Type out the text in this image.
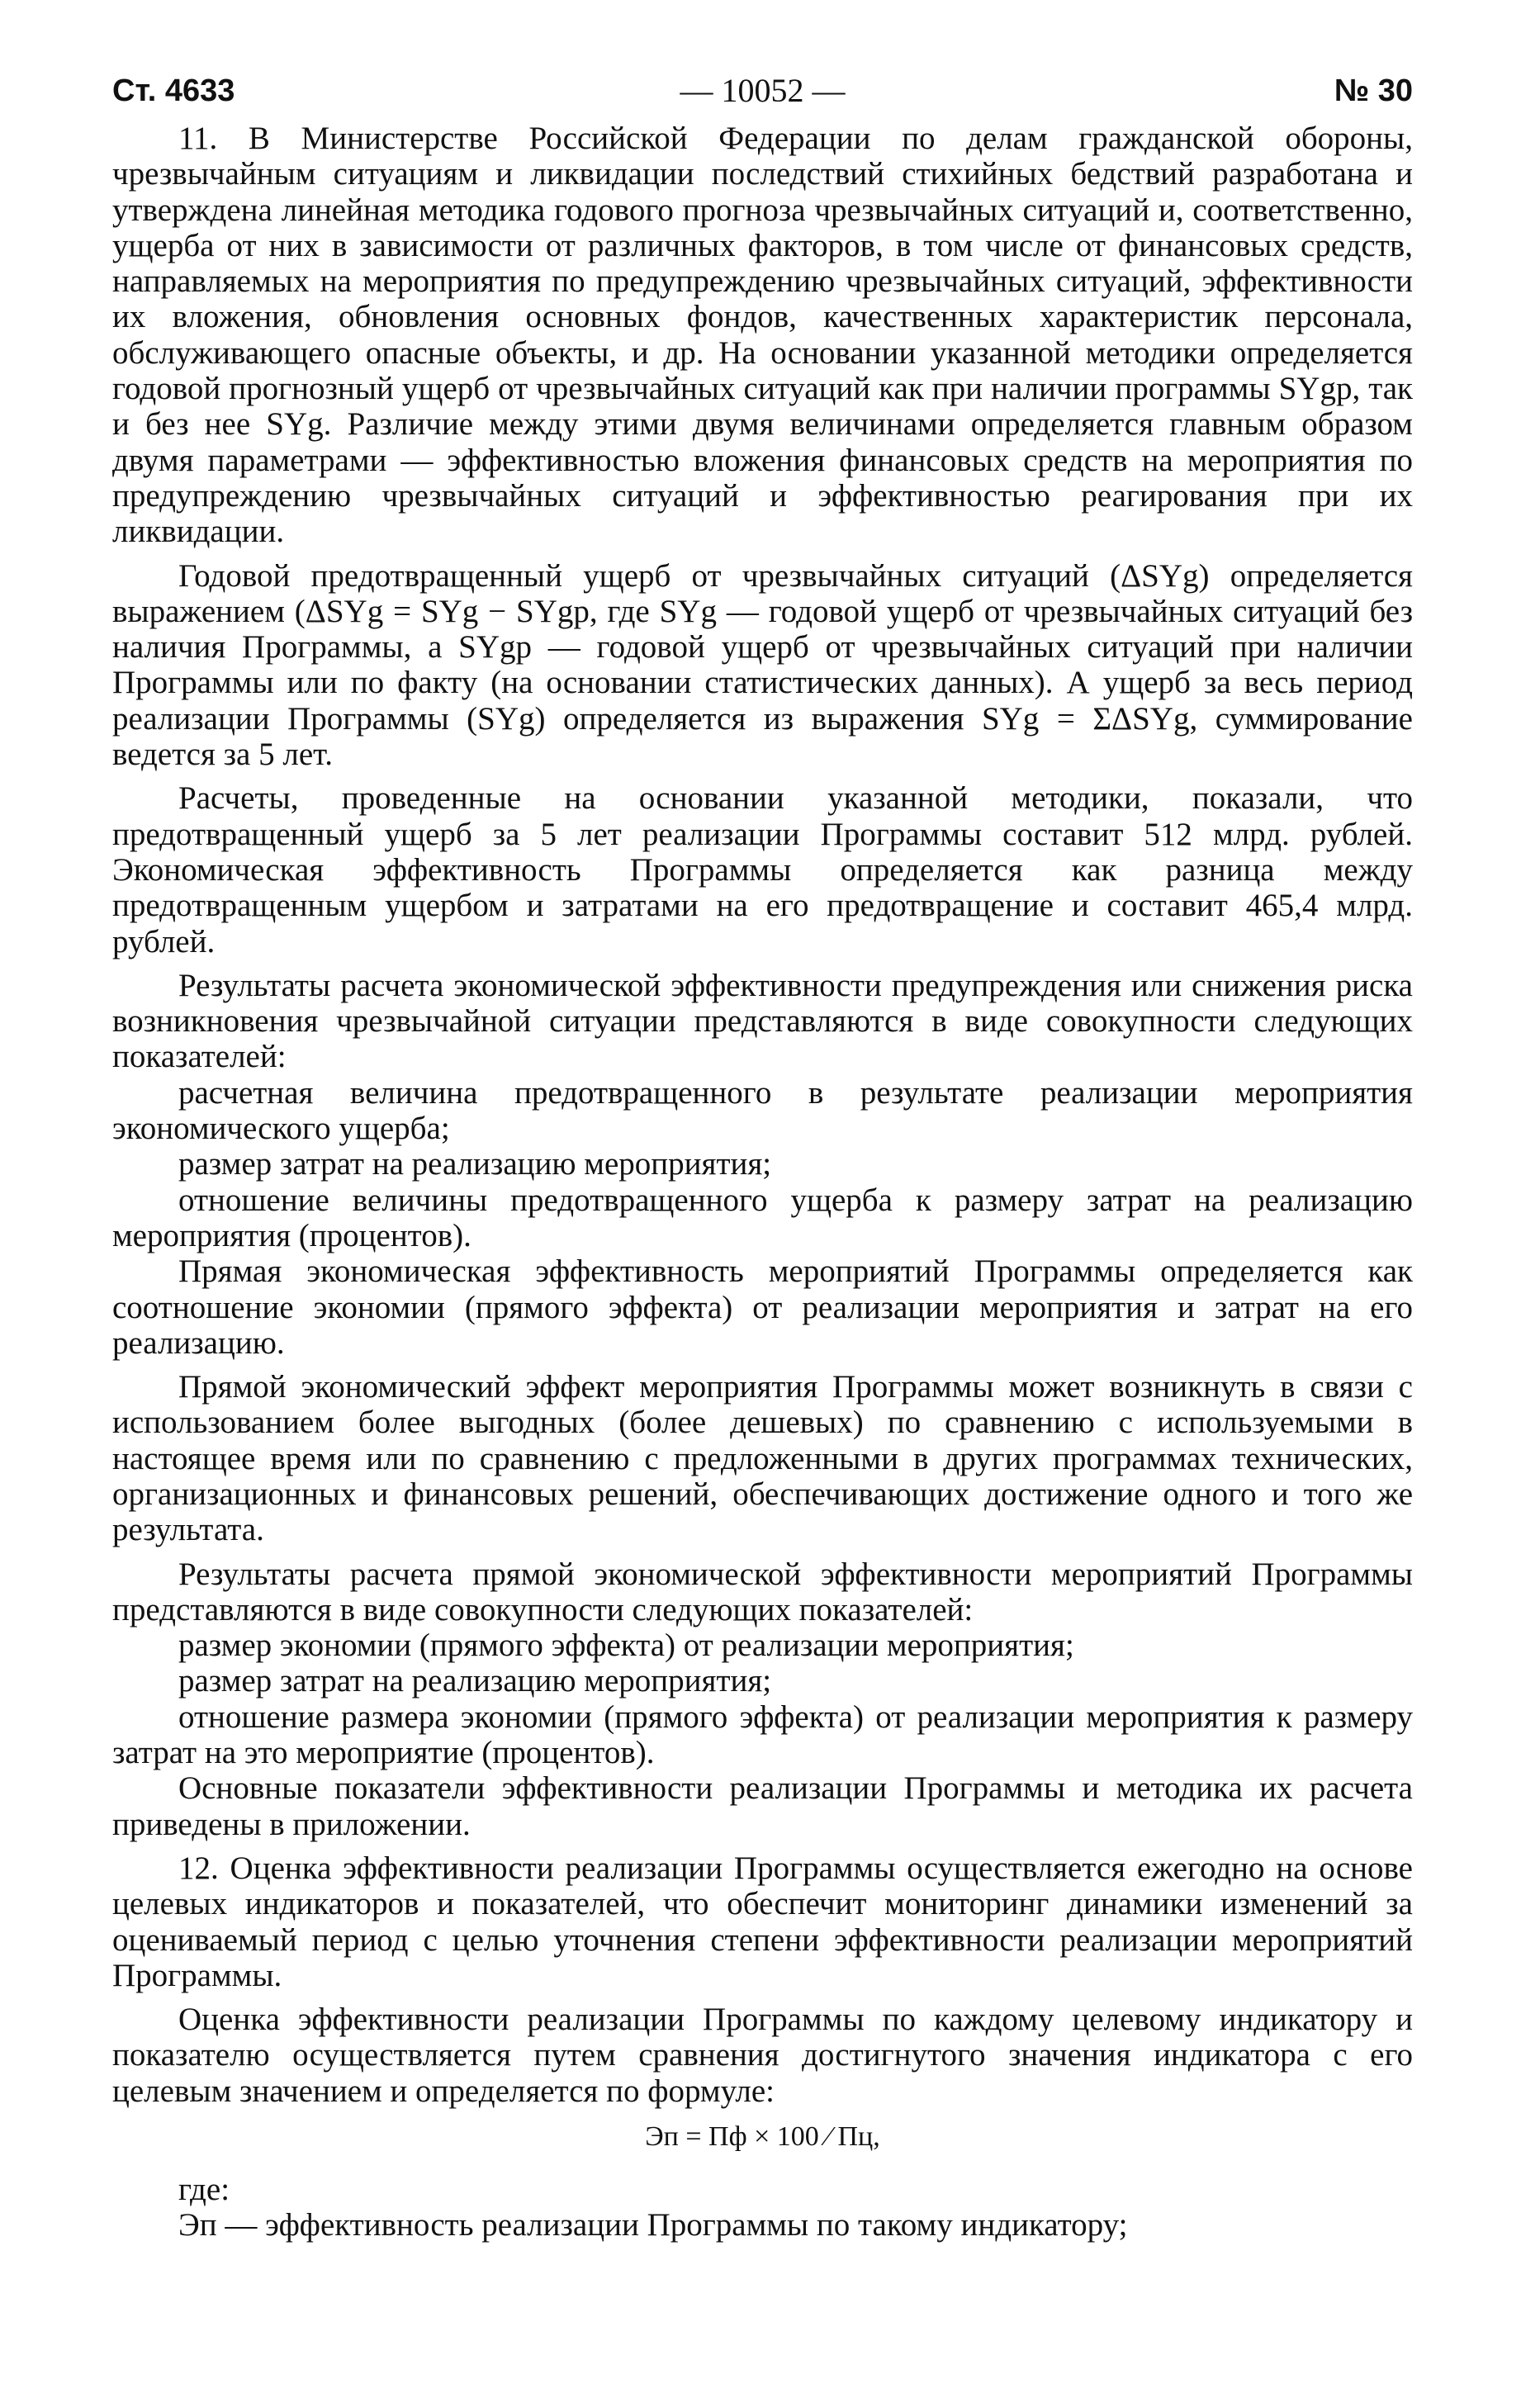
Ст. 4633	— 10052 —	№ 30

11. В Министерстве Российской Федерации по делам гражданской обороны, чрезвычайным ситуациям и ликвидации последствий стихийных бедствий разработана и утверждена линейная методика годового прогноза чрезвычайных ситуаций и, соответственно, ущерба от них в зависимости от различных факторов, в том числе от финансовых средств, направляемых на мероприятия по предупреждению чрезвычайных ситуаций, эффективности их вложения, обновления основных фондов, качественных характеристик персонала, обслуживающего опасные объекты, и др. На основании указанной методики определяется годовой прогнозный ущерб от чрезвычайных ситуаций как при наличии программы SYgp, так и без нее SYg. Различие между этими двумя величинами определяется главным образом двумя параметрами — эффективностью вложения финансовых средств на мероприятия по предупреждению чрезвычайных ситуаций и эффективностью реагирования при их ликвидации.

Годовой предотвращенный ущерб от чрезвычайных ситуаций (ΔSYg) определяется выражением (ΔSYg = SYg − SYgp, где SYg — годовой ущерб от чрезвычайных ситуаций без наличия Программы, а SYgp — годовой ущерб от чрезвычайных ситуаций при наличии Программы или по факту (на основании статистических данных). А ущерб за весь период реализации Программы (SYg) определяется из выражения SYg = ΣΔSYg, суммирование ведется за 5 лет.

Расчеты, проведенные на основании указанной методики, показали, что предотвращенный ущерб за 5 лет реализации Программы составит 512 млрд. рублей. Экономическая эффективность Программы определяется как разница между предотвращенным ущербом и затратами на его предотвращение и составит 465,4 млрд. рублей.

Результаты расчета экономической эффективности предупреждения или снижения риска возникновения чрезвычайной ситуации представляются в виде совокупности следующих показателей:

расчетная величина предотвращенного в результате реализации мероприятия экономического ущерба;

размер затрат на реализацию мероприятия;

отношение величины предотвращенного ущерба к размеру затрат на реализацию мероприятия (процентов).

Прямая экономическая эффективность мероприятий Программы определяется как соотношение экономии (прямого эффекта) от реализации мероприятия и затрат на его реализацию.

Прямой экономический эффект мероприятия Программы может возникнуть в связи с использованием более выгодных (более дешевых) по сравнению с используемыми в настоящее время или по сравнению с предложенными в других программах технических, организационных и финансовых решений, обеспечивающих достижение одного и того же результата.

Результаты расчета прямой экономической эффективности мероприятий Программы представляются в виде совокупности следующих показателей:

размер экономии (прямого эффекта) от реализации мероприятия;

размер затрат на реализацию мероприятия;

отношение размера экономии (прямого эффекта) от реализации мероприятия к размеру затрат на это мероприятие (процентов).

Основные показатели эффективности реализации Программы и методика их расчета приведены в приложении.

12. Оценка эффективности реализации Программы осуществляется ежегодно на основе целевых индикаторов и показателей, что обеспечит мониторинг динамики изменений за оцениваемый период с целью уточнения степени эффективности реализации мероприятий Программы.

Оценка эффективности реализации Программы по каждому целевому индикатору и показателю осуществляется путем сравнения достигнутого значения индикатора с его целевым значением и определяется по формуле:

Эп = Пф × 100 ⁄ Пц,

где:

Эп — эффективность реализации Программы по такому индикатору;
